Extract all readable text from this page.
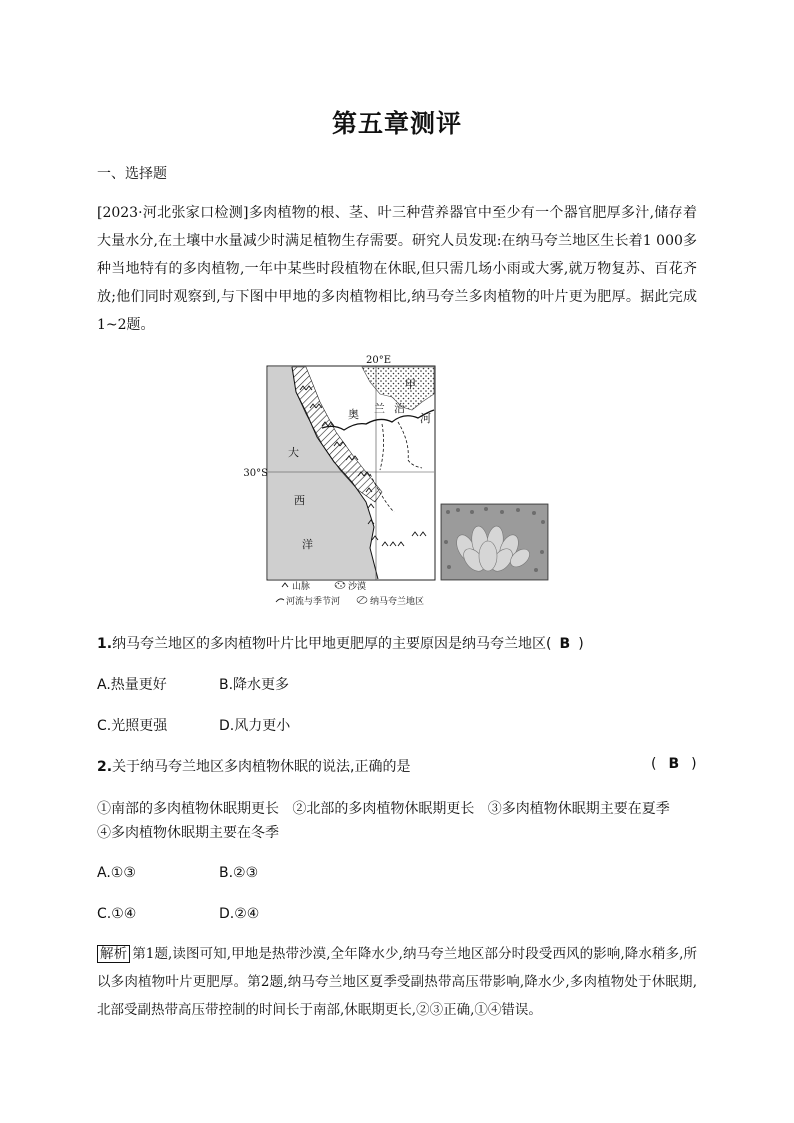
第五章测评
一、选择题

[2023·河北张家口检测]多肉植物的根、茎、叶三种营养器官中至少有一个器官肥厚多汁,储存着大量水分,在土壤中水量减少时满足植物生存需要。研究人员发现:在纳马夸兰地区生长着1 000多种当地特有的多肉植物,一年中某些时段植物在休眠,但只需几场小雨或大雾,就万物复苏、百花齐放;他们同时观察到,与下图中甲地的多肉植物相比,纳马夸兰多肉植物的叶片更为肥厚。据此完成1~2题。

20°E
30°S
甲
奥 兰 治
河
大
西
洋
山脉	沙漠
河流与季节河	纳马夸兰地区
1.纳马夸兰地区的多肉植物叶片比甲地更肥厚的主要原因是纳马夸兰地区( B )
A.热量更好	B.降水更多
C.光照更强	D.风力更小
2.关于纳马夸兰地区多肉植物休眠的说法,正确的是	( B )
①南部的多肉植物休眠期更长   ②北部的多肉植物休眠期更长   ③多肉植物休眠期主要在夏季
④多肉植物休眠期主要在冬季
A.①③	B.②③
C.①④	D.②④

解析 第1题,读图可知,甲地是热带沙漠,全年降水少,纳马夸兰地区部分时段受西风的影响,降水稍多,所以多肉植物叶片更肥厚。第2题,纳马夸兰地区夏季受副热带高压带影响,降水少,多肉植物处于休眠期,北部受副热带高压带控制的时间长于南部,休眠期更长,②③正确,①④错误。
